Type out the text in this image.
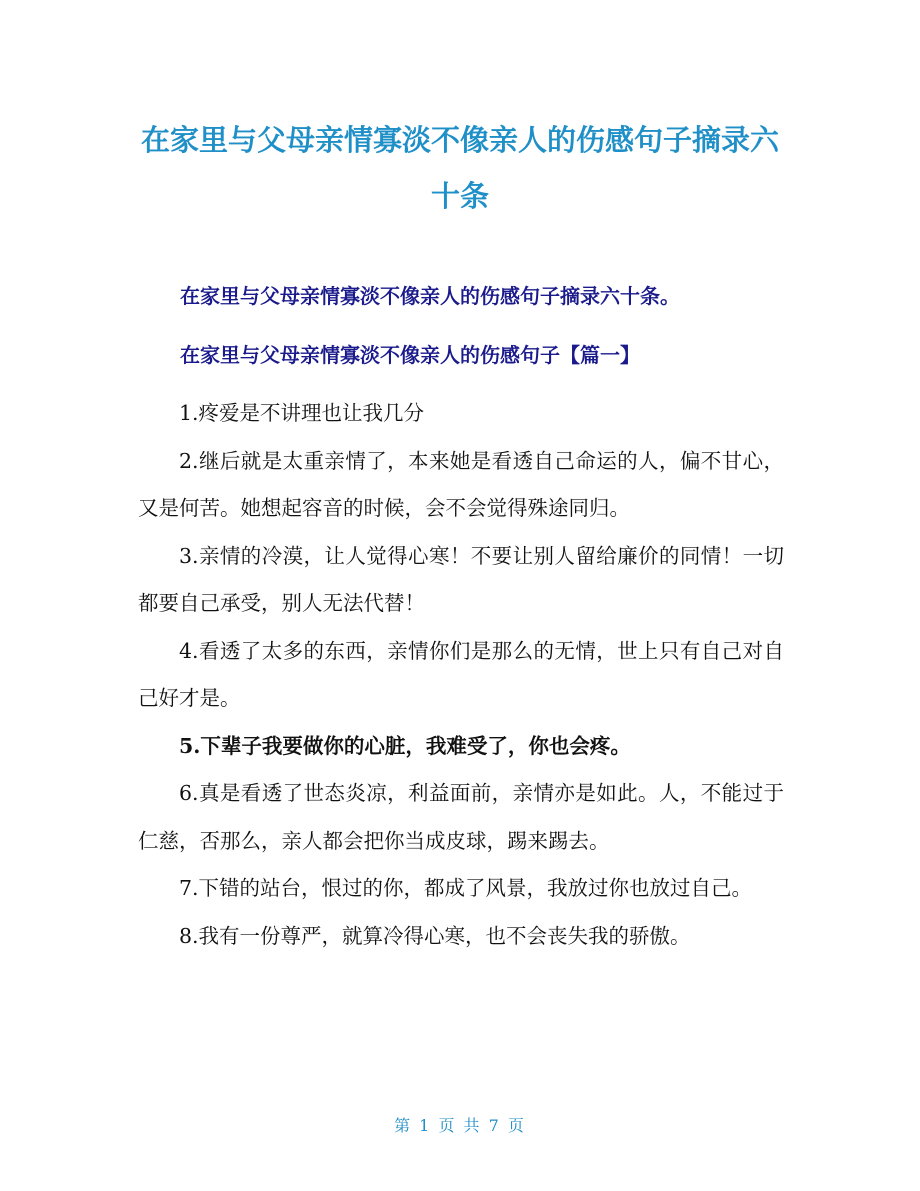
在家里与父母亲情寡淡不像亲人的伤感句子摘录六十条

在家里与父母亲情寡淡不像亲人的伤感句子摘录六十条。

在家里与父母亲情寡淡不像亲人的伤感句子【篇一】

1.疼爱是不讲理也让我几分

2.继后就是太重亲情了，本来她是看透自己命运的人，偏不甘心，又是何苦。她想起容音的时候，会不会觉得殊途同归。

3.亲情的冷漠，让人觉得心寒！不要让别人留给廉价的同情！一切都要自己承受，别人无法代替！

4.看透了太多的东西，亲情你们是那么的无情，世上只有自己对自己好才是。

5.下辈子我要做你的心脏，我难受了，你也会疼。

6.真是看透了世态炎凉，利益面前，亲情亦是如此。人，不能过于仁慈，否那么，亲人都会把你当成皮球，踢来踢去。

7.下错的站台，恨过的你，都成了风景，我放过你也放过自己。

8.我有一份尊严，就算冷得心寒，也不会丧失我的骄傲。

第 1 页 共 7 页
